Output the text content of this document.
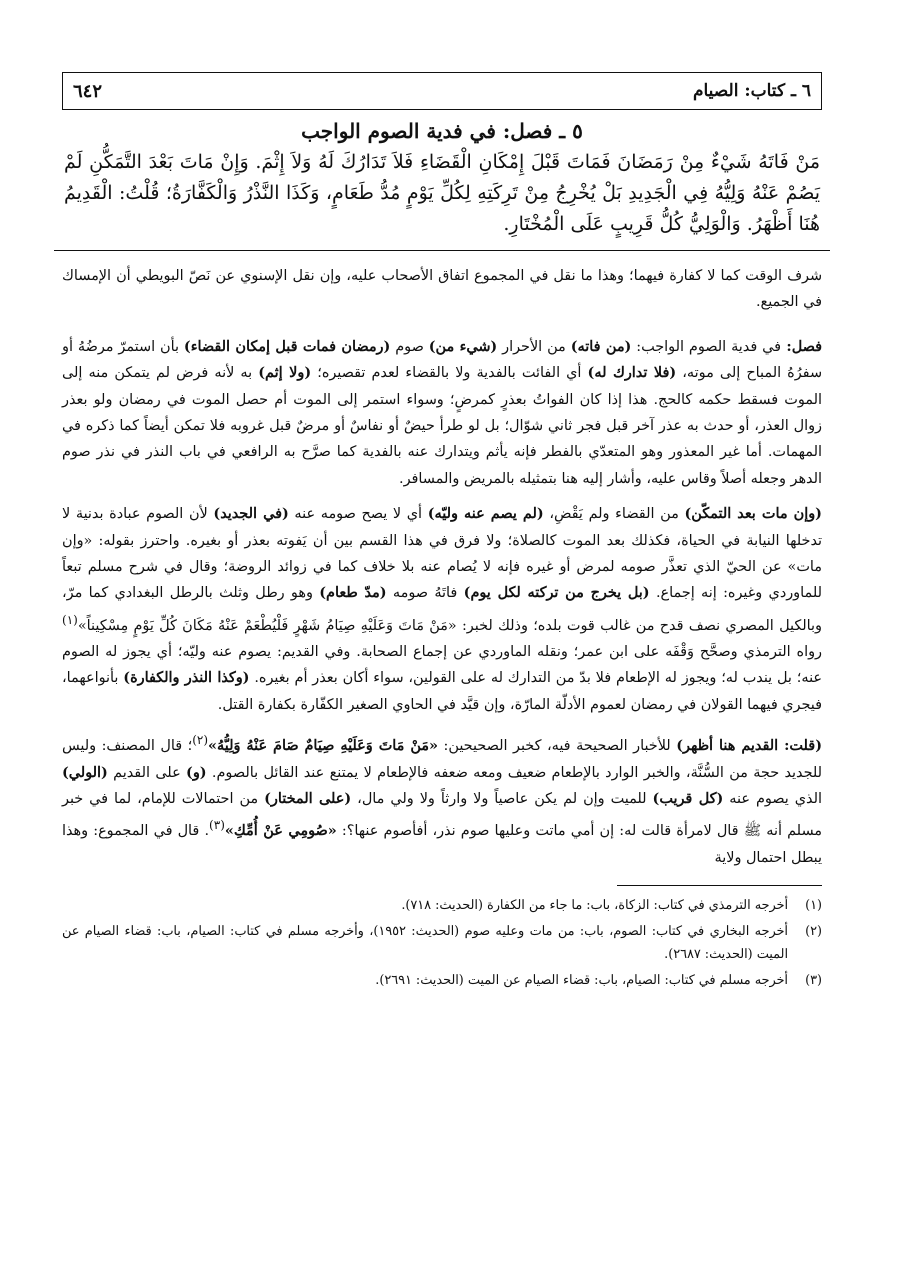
٦ ـ كتاب: الصيام
٦٤٢
٥ ـ فصل: في فدية الصوم الواجب
مَنْ فَاتَهُ شَيْءٌ مِنْ رَمَضَانَ فَمَاتَ قَبْلَ إِمْكَانِ الْقَضَاءِ فَلاَ تَدَارُكَ لَهُ وَلاَ إِثْمَ. وَإِنْ مَاتَ بَعْدَ التَّمَكُّنِ لَمْ يَصُمْ عَنْهُ وَلِيُّهُ فِي الْجَدِيدِ بَلْ يُخْرِجُ مِنْ تَرِكَتِهِ لِكُلِّ يَوْمٍ مُدُّ طَعَامٍ، وَكَذَا النَّذْرُ وَالْكَفَّارَةُ؛ قُلْتُ: الْقَدِيمُ هُنَا أَظْهَرُ. وَالْوَلِيُّ كُلُّ قَرِيبٍ عَلَى الْمُخْتَارِ.

شرف الوقت كما لا كفارة فيهما؛ وهذا ما نقل في المجموع اتفاق الأصحاب عليه، وإن نقل الإسنوي عن نَصّ البويطي أن الإمساك في الجميع.

فصل: في فدية الصوم الواجب: (من فاته) من الأحرار (شيء من) صوم (رمضان فمات قبل إمكان القضاء) بأن استمرّ مرضُهُ أو سفرُهُ المباح إلى موته، (فلا تدارك له) أي الفائت بالفدية ولا بالقضاء لعدم تقصيره؛ (ولا إثم) به لأنه فرض لم يتمكن منه إلى الموت فسقط حكمه كالحج. هذا إذا كان الفواتُ بعذرٍ كمرضٍ؛ وسواء استمر إلى الموت أم حصل الموت في رمضان ولو بعذر زوال العذر، أو حدث به عذر آخر قبل فجر ثاني شوّال؛ بل لو طرأ حيضٌ أو نفاسٌ أو مرضٌ قبل غروبه فلا تمكن أيضاً كما ذكره في المهمات. أما غير المعذور وهو المتعدّي بالفطر فإنه يأثم ويتدارك عنه بالفدية كما صرَّح به الرافعي في باب النذر في نذر صوم الدهر وجعله أصلاً وقاس عليه، وأشار إليه هنا بتمثيله بالمريض والمسافر.

(وإن مات بعد التمكّن) من القضاء ولم يَقْضِ، (لم يصم عنه وليّه) أي لا يصح صومه عنه (في الجديد) لأن الصوم عبادة بدنية لا تدخلها النيابة في الحياة، فكذلك بعد الموت كالصلاة؛ ولا فرق في هذا القسم بين أن يَفوته بعذر أو بغيره. واحترز بقوله: «وإن مات» عن الحيّ الذي تعذَّر صومه لمرض أو غيره فإنه لا يُصام عنه بلا خلاف كما في زوائد الروضة؛ وقال في شرح مسلم تبعاً للماوردي وغيره: إنه إجماع. (بل يخرج من تركته لكل يوم) فاتَهُ صومه (مدّ طعام) وهو رطل وثلث بالرطل البغدادي كما مرّ، وبالكيل المصري نصف قدح من غالب قوت بلده؛ وذلك لخبر: «مَنْ مَاتَ وَعَلَيْهِ صِيَامُ شَهْرٍ فَلْيُطْعَمْ عَنْهُ مَكَانَ كُلِّ يَوْمٍ مِسْكِيناً»$^{(١)}$ رواه الترمذي وصحَّح وَقْفَه على ابن عمر؛ ونقله الماوردي عن إجماع الصحابة. وفي القديم: يصوم عنه وليّه؛ أي يجوز له الصوم عنه؛ بل يندب له؛ ويجوز له الإطعام فلا بدّ من التدارك له على القولين، سواء أكان بعذر أم بغيره. (وكذا النذر والكفارة) بأنواعهما، فيجري فيهما القولان في رمضان لعموم الأدلّة المارّة، وإن قيَّد في الحاوي الصغير الكفّارة بكفارة القتل.

(قلت: القديم هنا أظهر) للأخبار الصحيحة فيه، كخبر الصحيحين: «مَنْ مَاتَ وَعَلَيْهِ صِيَامٌ صَامَ عَنْهُ وَلِيُّهُ»$^{(٢)}$؛ قال المصنف: وليس للجديد حجة من السُّنَّة، والخبر الوارد بالإطعام ضعيف ومعه ضعفه فالإطعام لا يمتنع عند القائل بالصوم. (و) على القديم (الولي) الذي يصوم عنه (كل قريب) للميت وإن لم يكن عاصياً ولا وارثاً ولا ولي مال، (على المختار) من احتمالات للإمام، لما في خبر مسلم أنه ﷺ قال لامرأة قالت له: إن أمي ماتت وعليها صوم نذر، أفأصوم عنها؟: «صُومِي عَنْ أُمِّكِ»$^{(٣)}$. قال في المجموع: وهذا يبطل احتمال ولاية

(١)
أخرجه الترمذي في كتاب: الزكاة، باب: ما جاء من الكفارة (الحديث: ٧١٨).
(٢)
أخرجه البخاري في كتاب: الصوم، باب: من مات وعليه صوم (الحديث: ١٩٥٢)، وأخرجه مسلم في كتاب: الصيام، باب: قضاء الصيام عن الميت (الحديث: ٢٦٨٧).
(٣)
أخرجه مسلم في كتاب: الصيام، باب: قضاء الصيام عن الميت (الحديث: ٢٦٩١).
